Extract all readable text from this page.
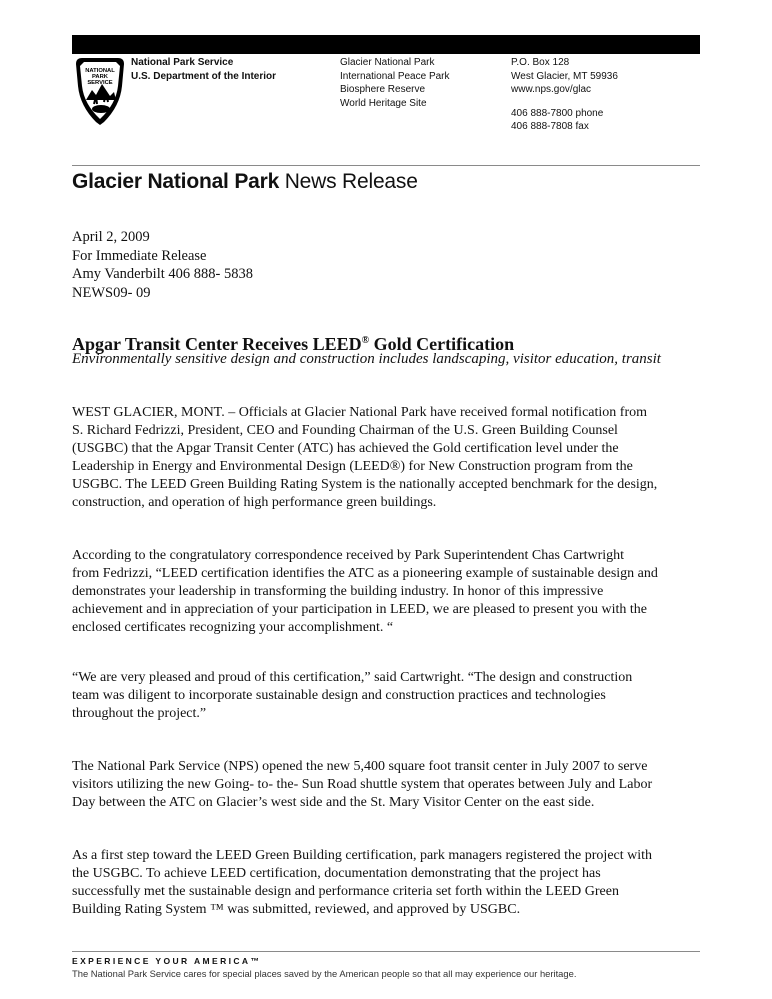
NATIONAL
PARK
SERVICE
National Park Service
U.S. Department of the Interior
Glacier National Park
International Peace Park
Biosphere Reserve
World Heritage Site
P.O. Box 128
West Glacier, MT 59936
www.nps.gov/glac
406 888-7800 phone
406 888-7808 fax
Glacier National Park News Release
April 2, 2009
For Immediate Release
Amy Vanderbilt 406 888- 5838
NEWS09- 09
Apgar Transit Center Receives LEED® Gold Certification
Environmentally sensitive design and construction includes landscaping, visitor education, transit
WEST GLACIER, MONT. – Officials at Glacier National Park have received formal notification from
S. Richard Fedrizzi, President, CEO and Founding Chairman of the U.S. Green Building Counsel
(USGBC) that the Apgar Transit Center (ATC) has achieved the Gold certification level under the
Leadership in Energy and Environmental Design (LEED®) for New Construction program from the
USGBC. The LEED Green Building Rating System is the nationally accepted benchmark for the design,
construction, and operation of high performance green buildings.
According to the congratulatory correspondence received by Park Superintendent Chas Cartwright
from Fedrizzi, “LEED certification identifies the ATC as a pioneering example of sustainable design and
demonstrates your leadership in transforming the building industry. In honor of this impressive
achievement and in appreciation of your participation in LEED, we are pleased to present you with the
enclosed certificates recognizing your accomplishment. “
“We are very pleased and proud of this certification,” said Cartwright. “The design and construction
team was diligent to incorporate sustainable design and construction practices and technologies
throughout the project.”
The National Park Service (NPS) opened the new 5,400 square foot transit center in July 2007 to serve
visitors utilizing the new Going- to- the- Sun Road shuttle system that operates between July and Labor
Day between the ATC on Glacier’s west side and the St. Mary Visitor Center on the east side.
As a first step toward the LEED Green Building certification, park managers registered the project with
the USGBC. To achieve LEED certification, documentation demonstrating that the project has
successfully met the sustainable design and performance criteria set forth within the LEED Green
Building Rating System ™ was submitted, reviewed, and approved by USGBC.
EXPERIENCE YOUR AMERICA™
The National Park Service cares for special places saved by the American people so that all may experience our heritage.
